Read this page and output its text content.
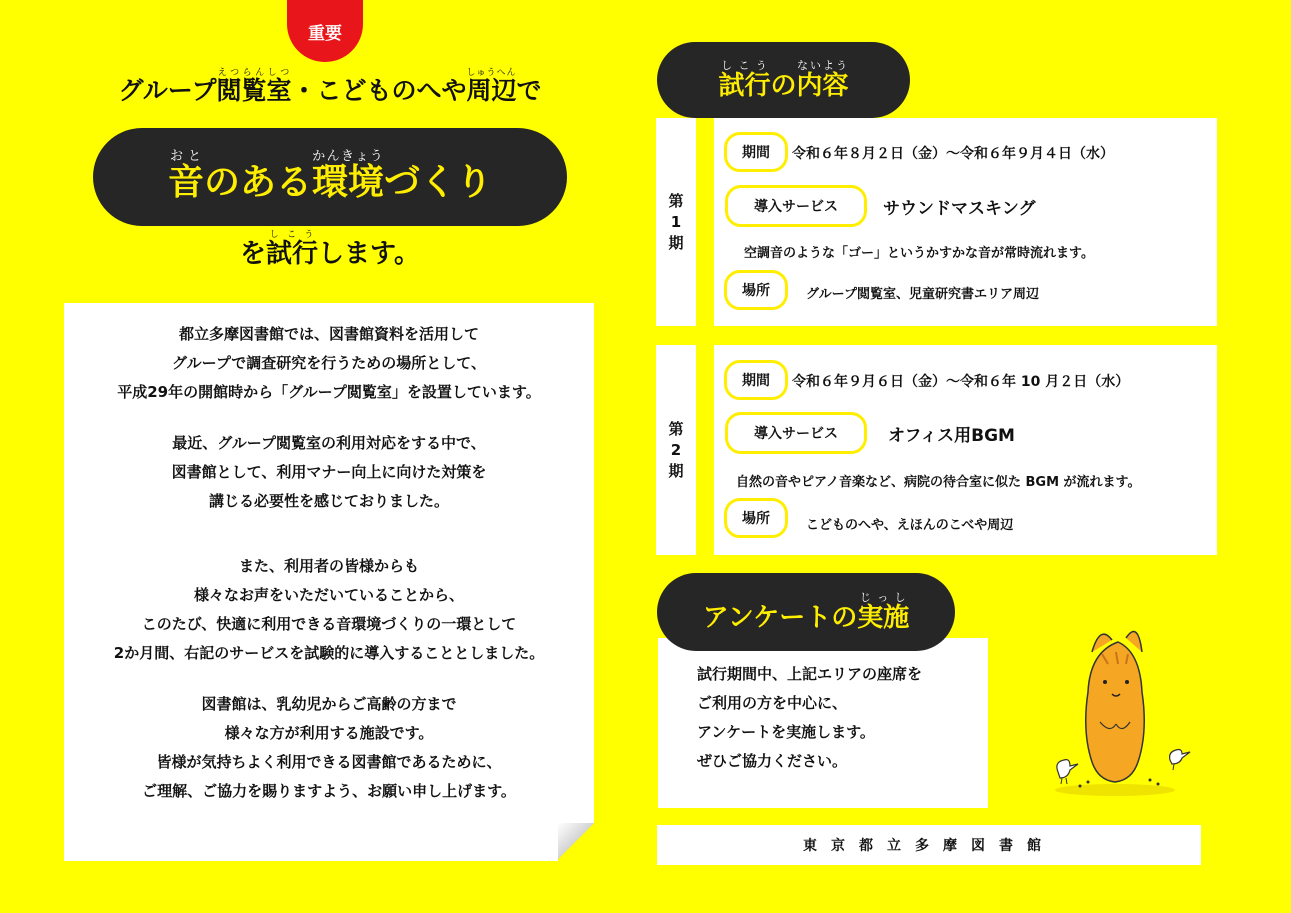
重要
グループ閲覧室えつらんしつ・こどものへや周辺しゅうへんで
音おとのある環境かんきょうづくり
を試行しこうします。

都立多摩図書館では、図書館資料を活用して

グループで調査研究を行うための場所として、

平成29年の開館時から「グループ閲覧室」を設置しています。

最近、グループ閲覧室の利用対応をする中で、

図書館として、利用マナー向上に向けた対策を

講じる必要性を感じておりました。

また、利用者の皆様からも

様々なお声をいただいていることから、

このたび、快適に利用できる音環境づくりの一環として

2か月間、右記のサービスを試験的に導入することとしました。

図書館は、乳幼児からご高齢の方まで

様々な方が利用する施設です。

皆様が気持ちよく利用できる図書館であるために、

ご理解、ご協力を賜りますよう、お願い申し上げます。

試行しこうの内容ないよう
第
1
期
期間	令和６年８月２日（金）～令和６年９月４日（水）
導入サービス	サウンドマスキング
空調音のような「ゴー」というかすかな音が常時流れます。
場所	グループ閲覧室、児童研究書エリア周辺
第
2
期
期間	令和６年９月６日（金）～令和６年 10 月２日（水）
導入サービス	オフィス用BGM
自然の音やピアノ音楽など、病院の待合室に似た BGM が流れます。
場所	こどものへや、えほんのこべや周辺
アンケートの実施じっし
試行期間中、上記エリアの座席を
ご利用の方を中心に、
アンケートを実施します。
ぜひご協力ください。
東京都立多摩図書館
